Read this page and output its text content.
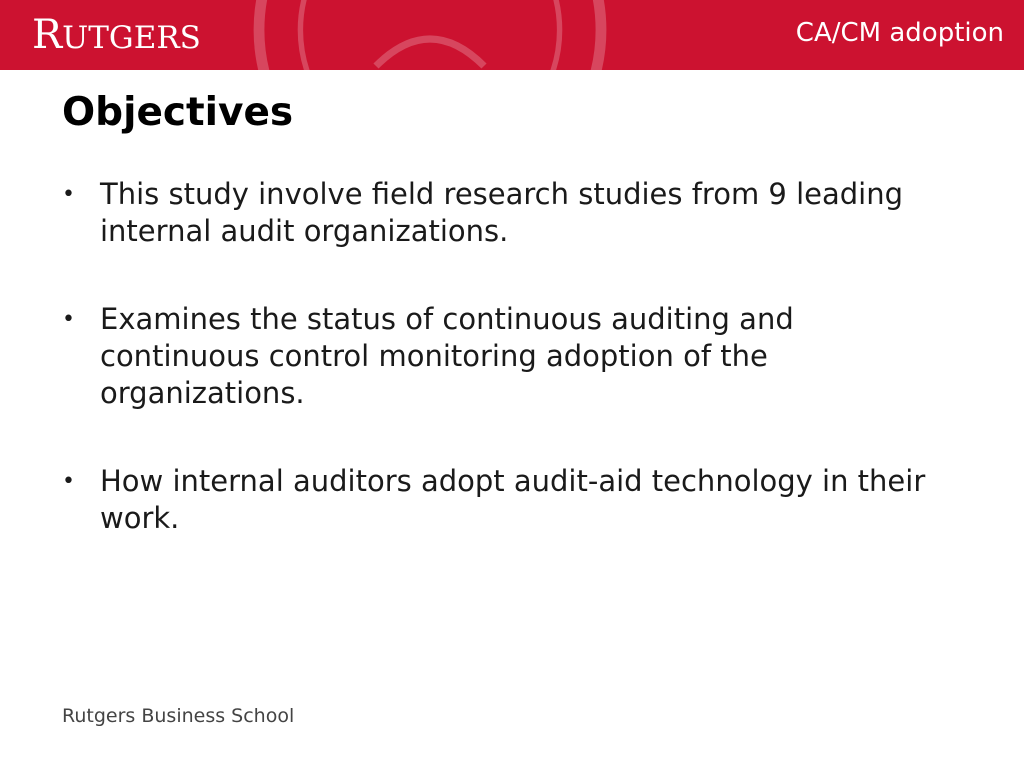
RUTGERS	CA/CM adoption
Objectives
• This study involve field research studies from 9 leading internal audit organizations.
• Examines the status of continuous auditing and continuous control monitoring adoption of the organizations.
• How internal auditors adopt audit-aid technology in their work.
Rutgers Business School
